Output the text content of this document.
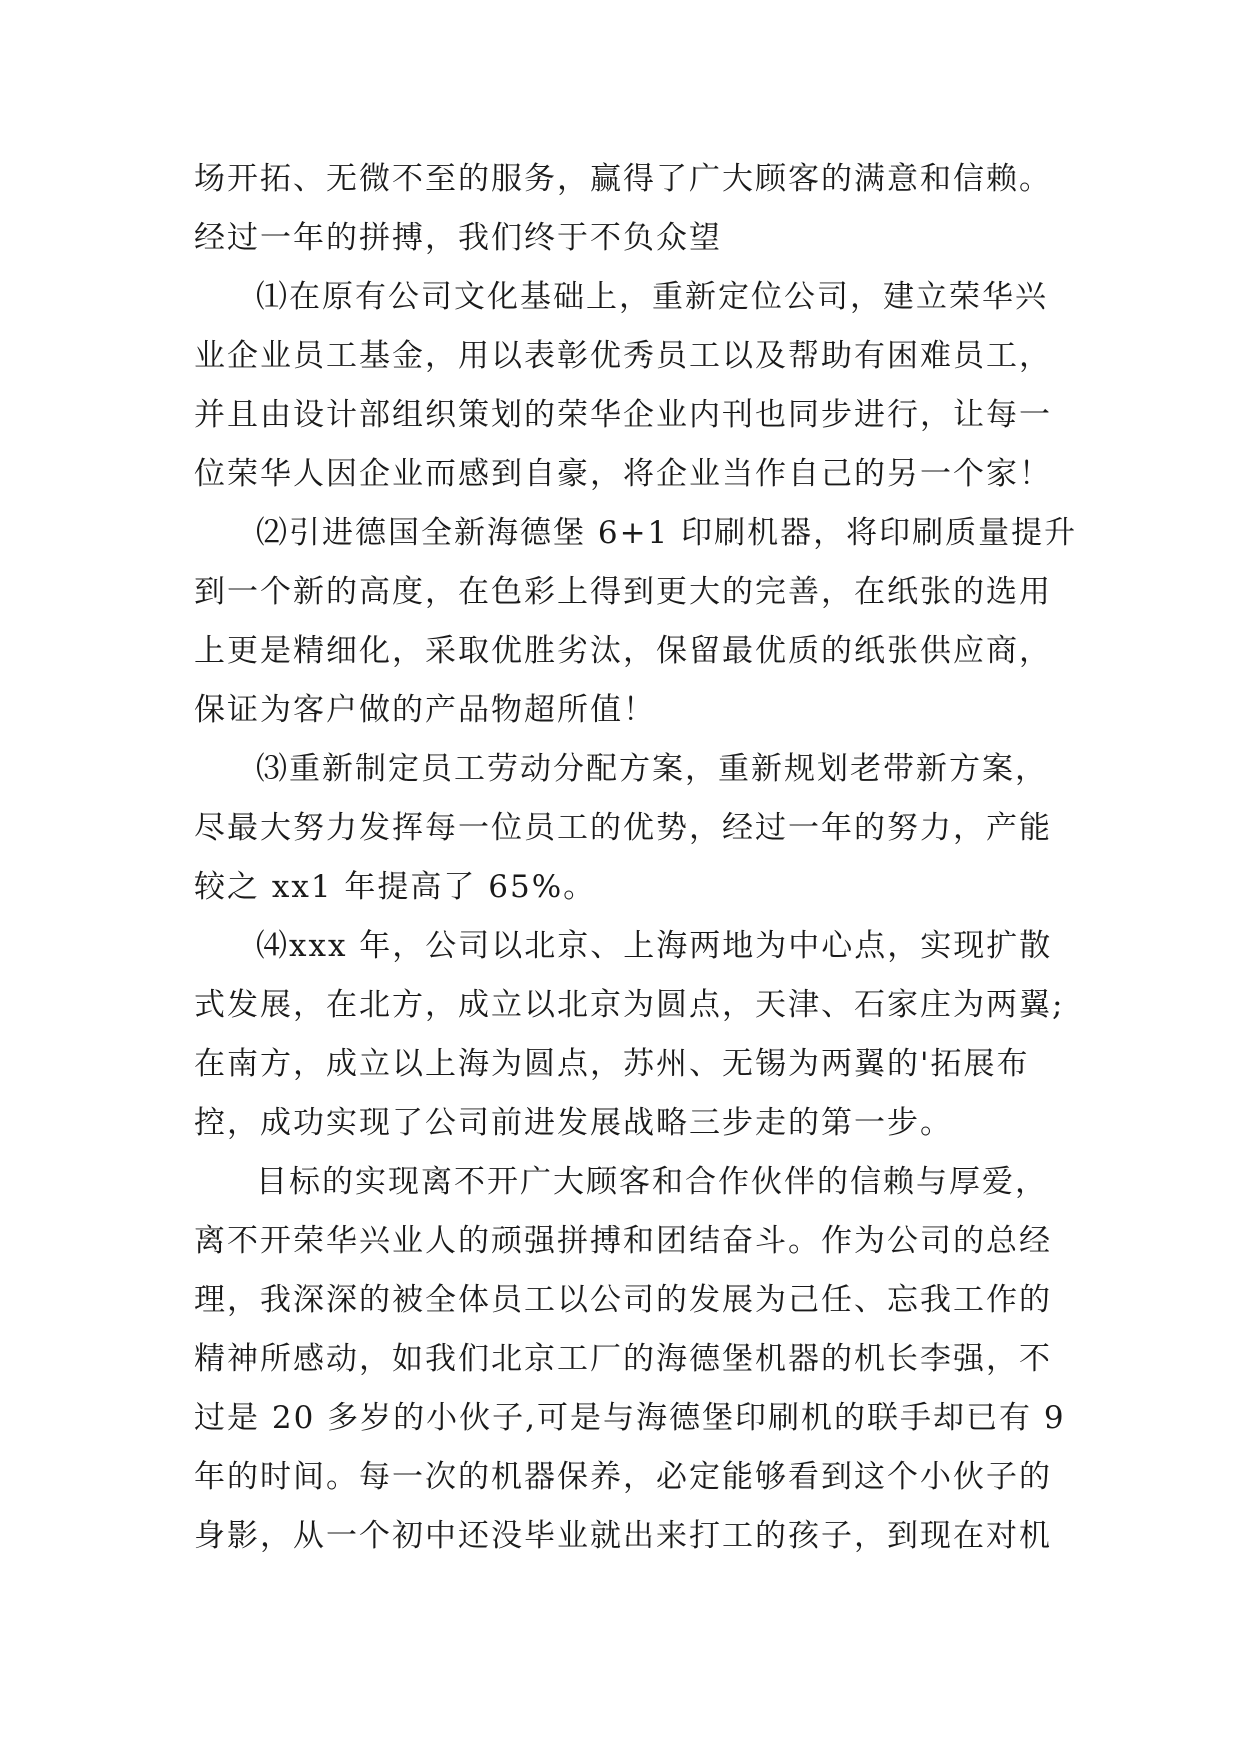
场开拓、无微不至的服务，赢得了广大顾客的满意和信赖。
经过一年的拼搏，我们终于不负众望
⑴在原有公司文化基础上，重新定位公司，建立荣华兴
业企业员工基金，用以表彰优秀员工以及帮助有困难员工，
并且由设计部组织策划的荣华企业内刊也同步进行，让每一
位荣华人因企业而感到自豪，将企业当作自己的另一个家！
⑵引进德国全新海德堡 6+1 印刷机器，将印刷质量提升
到一个新的高度，在色彩上得到更大的完善，在纸张的选用
上更是精细化，采取优胜劣汰，保留最优质的纸张供应商，
保证为客户做的产品物超所值！
⑶重新制定员工劳动分配方案，重新规划老带新方案，
尽最大努力发挥每一位员工的优势，经过一年的努力，产能
较之 xx1 年提高了 65%。
⑷xxx 年，公司以北京、上海两地为中心点，实现扩散
式发展，在北方，成立以北京为圆点，天津、石家庄为两翼;
在南方，成立以上海为圆点，苏州、无锡为两翼的'拓展布
控，成功实现了公司前进发展战略三步走的第一步。
目标的实现离不开广大顾客和合作伙伴的信赖与厚爱，
离不开荣华兴业人的顽强拼搏和团结奋斗。作为公司的总经
理，我深深的被全体员工以公司的发展为己任、忘我工作的
精神所感动，如我们北京工厂的海德堡机器的机长李强，不
过是 20 多岁的小伙子,可是与海德堡印刷机的联手却已有 9
年的时间。每一次的机器保养，必定能够看到这个小伙子的
身影，从一个初中还没毕业就出来打工的孩子，到现在对机
